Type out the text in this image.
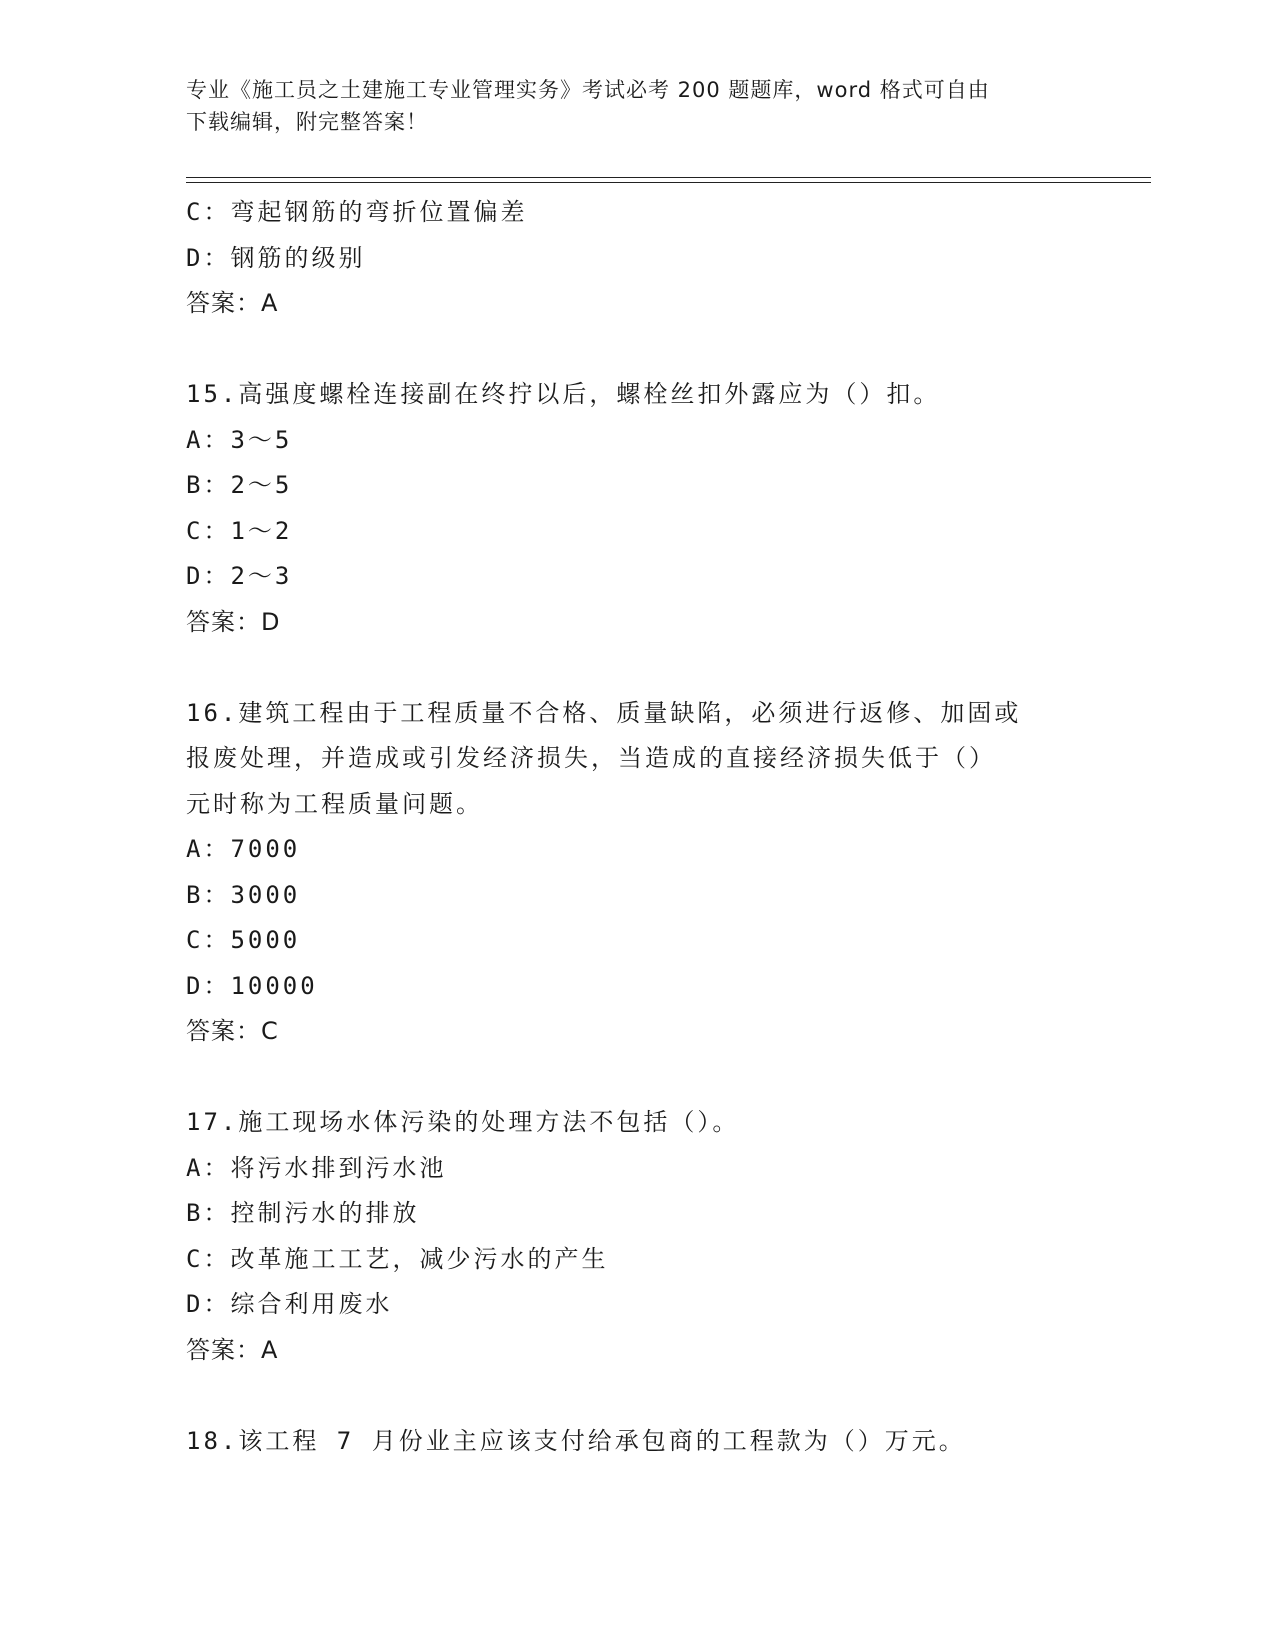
专业《施工员之土建施工专业管理实务》考试必考 200 题题库，word 格式可自由
下载编辑，附完整答案！
C：弯起钢筋的弯折位置偏差
D：钢筋的级别
答案：A
15.高强度螺栓连接副在终拧以后，螺栓丝扣外露应为（）扣。
A：3～5
B：2～5
C：1～2
D：2～3
答案：D
16.建筑工程由于工程质量不合格、质量缺陷，必须进行返修、加固或
报废处理，并造成或引发经济损失，当造成的直接经济损失低于（）
元时称为工程质量问题。
A：7000
B：3000
C：5000
D：10000
答案：C
17.施工现场水体污染的处理方法不包括（）。
A：将污水排到污水池
B：控制污水的排放
C：改革施工工艺，减少污水的产生
D：综合利用废水
答案：A
18.该工程 7 月份业主应该支付给承包商的工程款为（）万元。
